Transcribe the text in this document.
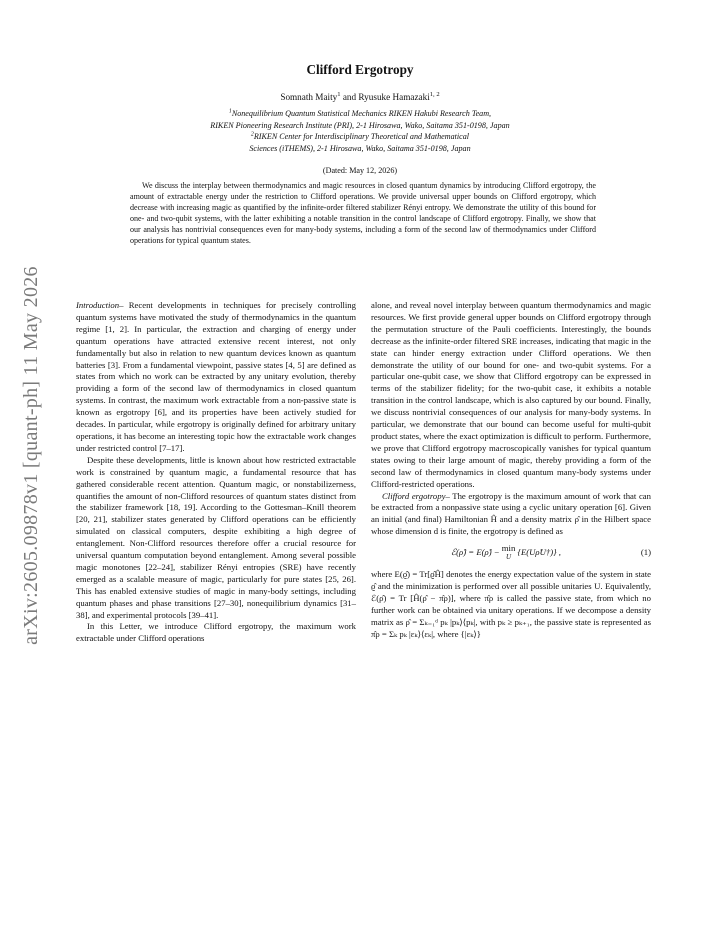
arXiv:2605.09878v1 [quant-ph] 11 May 2026
Clifford Ergotropy
Somnath Maity$^1$ and Ryusuke Hamazaki$^{1, 2}$
$^1$Nonequilibrium Quantum Statistical Mechanics RIKEN Hakubi Research Team,
RIKEN Pioneering Research Institute (PRI), 2-1 Hirosawa, Wako, Saitama 351-0198, Japan
$^2$RIKEN Center for Interdisciplinary Theoretical and Mathematical
Sciences (iTHEMS), 2-1 Hirosawa, Wako, Saitama 351-0198, Japan
(Dated: May 12, 2026)
We discuss the interplay between thermodynamics and magic resources in closed quantum dynamics by introducing Clifford ergotropy, the amount of extractable energy under the restriction to Clifford operations. We provide universal upper bounds on Clifford ergotropy, which decrease with increasing magic as quantified by the infinite-order filtered stabilizer Rényi entropy. We demonstrate the utility of this bound for one- and two-qubit systems, with the latter exhibiting a notable transition in the control landscape of Clifford ergotropy. Finally, we show that our analysis has nontrivial consequences even for many-body systems, including a form of the second law of thermodynamics under Clifford operations for typical quantum states.

Introduction– Recent developments in techniques for precisely controlling quantum systems have motivated the study of thermodynamics in the quantum regime [1, 2]. In particular, the extraction and charging of energy under quantum operations have attracted extensive recent interest, not only fundamentally but also in relation to new quantum devices known as quantum batteries [3]. From a fundamental viewpoint, passive states [4, 5] are defined as states from which no work can be extracted by any unitary evolution, thereby providing a form of the second law of thermodynamics in closed quantum systems. In contrast, the maximum work extractable from a non-passive state is known as ergotropy [6], and its properties have been actively studied for decades. In particular, while ergotropy is originally defined for arbitrary unitary operations, it has become an interesting topic how the extractable work changes under restricted control [7–17].

Despite these developments, little is known about how restricted extractable work is constrained by quantum magic, a fundamental resource that has gathered considerable recent attention. Quantum magic, or nonstabilizerness, quantifies the amount of non-Clifford resources of quantum states distinct from the stabilizer framework [18, 19]. According to the Gottesman–Knill theorem [20, 21], stabilizer states generated by Clifford operations can be efficiently simulated on classical computers, despite exhibiting a high degree of entanglement. Non-Clifford resources therefore offer a crucial resource for universal quantum computation beyond entanglement. Among several possible magic monotones [22–24], stabilizer Rényi entropies (SRE) have recently emerged as a scalable measure of magic, particularly for pure states [25, 26]. This has enabled extensive studies of magic in many-body settings, including quantum phases and phase transitions [27–30], nonequilibrium dynamics [31–38], and experimental protocols [39–41].

In this Letter, we introduce Clifford ergotropy, the maximum work extractable under Clifford operations

alone, and reveal novel interplay between quantum thermodynamics and magic resources. We first provide general upper bounds on Clifford ergotropy through the permutation structure of the Pauli coefficients. Interestingly, the bounds decrease as the infinite-order filtered SRE increases, indicating that magic in the state can hinder energy extraction under Clifford operations. We then demonstrate the utility of our bound for one- and two-qubit systems. For a particular one-qubit case, we show that Clifford ergotropy can be expressed in terms of the stabilizer fidelity; for the two-qubit case, it exhibits a notable transition in the control landscape, which is also captured by our bound. Finally, we discuss nontrivial consequences of our analysis for many-body systems. In particular, we demonstrate that our bound can become useful for multi-qubit product states, where the exact optimization is difficult to perform. Furthermore, we prove that Clifford ergotropy macroscopically vanishes for typical quantum states owing to their large amount of magic, thereby providing a form of the second law of thermodynamics in closed quantum many-body systems under Clifford-restricted operations.

Clifford ergotropy– The ergotropy is the maximum amount of work that can be extracted from a nonpassive state using a cyclic unitary operation [6]. Given an initial (and final) Hamiltonian Ĥ and a density matrix ρ̂ in the Hilbert space whose dimension d is finite, the ergotropy is defined as

ℰ(ρ̂) = E(ρ̂) − min
U {E(Uρ̂U†)} ,	(1)

where E(ϱ̂) = Tr[ϱ̂Ĥ] denotes the energy expectation value of the system in state ϱ̂ and the minimization is performed over all possible unitaries U. Equivalently, ℰ(ρ̂) = Tr [Ĥ(ρ̂ − π̂ρ)], where π̂ρ is called the passive state, from which no further work can be obtained via unitary operations. If we decompose a density matrix as ρ̂ = Σₖ₌₁ᵈ pₖ |pₖ⟩⟨pₖ|, with pₖ ≥ pₖ₊₁, the passive state is represented as π̂ρ = Σₖ pₖ |εₖ⟩⟨εₖ|, where {|εₖ⟩}
